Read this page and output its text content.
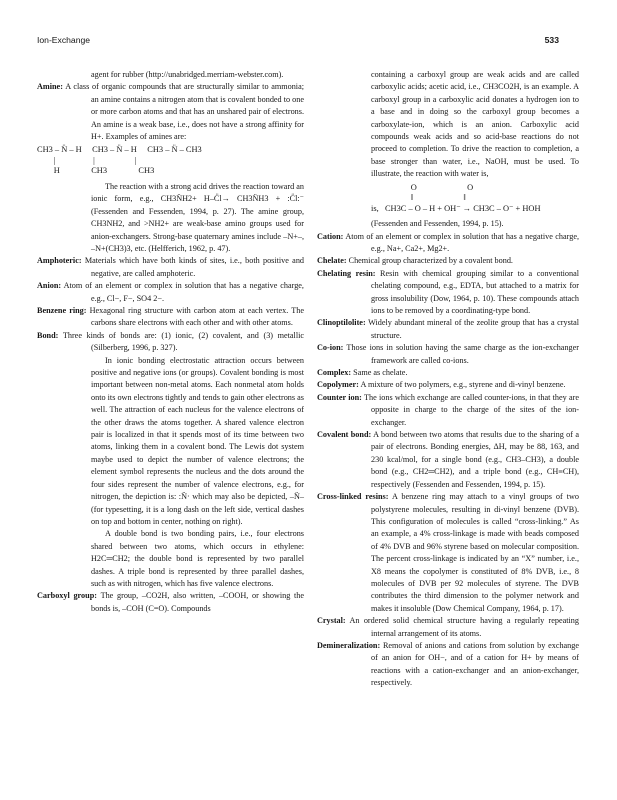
Ion-Exchange	533

agent for rubber (http://unabridged.merriam-webster.com).

Amine: A class of organic compounds that are structurally similar to ammonia; an amine contains a nitrogen atom that is covalent bonded to one or more carbon atoms and that has an unshared pair of electrons. An amine is a weak base, i.e., does not have a strong affinity for H+. Examples of amines are:

CH3 – N̈ – H     CH3 – N̈ – H     CH3 – N̈ – CH3
|                  |                   |
H               CH3               CH3

The reaction with a strong acid drives the reaction toward an ionic form, e.g., CH3N̈H2+ H–C̈l→ CH3N̈H3 + :C̈l:⁻ (Fessenden and Fessenden, 1994, p. 27). The amine group, CH3NH2, and >NH2+ are weak-base amino groups used for anion-exchangers. Strong-base quaternary amines include –N+–, –N+(CH3)3, etc. (Helfferich, 1962, p. 47).

Amphoteric: Materials which have both kinds of sites, i.e., both positive and negative, are called amphoteric.

Anion: Atom of an element or complex in solution that has a negative charge, e.g., Cl−, F−, SO4 2−.

Benzene ring: Hexagonal ring structure with carbon atom at each vertex. The carbons share electrons with each other and with other atoms.

Bond: Three kinds of bonds are: (1) ionic, (2) covalent, and (3) metallic (Silberberg, 1996, p. 327).

In ionic bonding electrostatic attraction occurs between positive and negative ions (or groups). Covalent bonding is most important between non-metal atoms. Each nonmetal atom holds onto its own electrons tightly and tends to gain other electrons as well. The attraction of each nucleus for the valence electrons of the other draws the atoms together. A shared valence electron pair is localized in that it spends most of its time between two atoms, linking them in a covalent bond. The Lewis dot system maybe used to depict the number of valence electrons; the element symbol represents the nucleus and the dots around the four sides represent the number of valence electrons, e.g., for nitrogen, the depiction is: :N̈· which may also be depicted, –N̈–(for typesetting, it is a long dash on the left side, vertical dashes on top and bottom in center, nothing on right).

A double bond is two bonding pairs, i.e., four electrons shared between two atoms, which occurs in ethylene: H2C═CH2; the double bond is represented by two parallel dashes. A triple bond is represented by three parallel dashes, such as with nitrogen, which has five valence electrons.

Carboxyl group: The group, –CO2H, also written, –COOH, or showing the bonds is, –COH (C=O). Compounds

containing a carboxyl group are weak acids and are called carboxylic acids; acetic acid, i.e., CH3CO2H, is an example. A carboxyl group in a carboxylic acid donates a hydrogen ion to a base and in doing so the carboxyl group becomes a carboxylate-ion, which is an anion. Carboxylic acid compounds weak acids and so acid-base reactions do not proceed to completion. To drive the reaction to completion, a base stronger than water, i.e., NaOH, must be used. To illustrate, the reaction with water is,

O                        O
‖                        ‖
is,   CH3C – O – H + OH⁻ → CH3C – O⁻ + HOH

(Fessenden and Fessenden, 1994, p. 15).

Cation: Atom of an element or complex in solution that has a negative charge, e.g., Na+, Ca2+, Mg2+.

Chelate: Chemical group characterized by a covalent bond.

Chelating resin: Resin with chemical grouping similar to a conventional chelating compound, e.g., EDTA, but attached to a matrix for gross insolubility (Dow, 1964, p. 10). These compounds attach ions to be removed by a coordinating-type bond.

Clinoptilolite: Widely abundant mineral of the zeolite group that has a crystal structure.

Co-ion: Those ions in solution having the same charge as the ion-exchanger framework are called co-ions.

Complex: Same as chelate.

Copolymer: A mixture of two polymers, e.g., styrene and di-vinyl benzene.

Counter ion: The ions which exchange are called counter-ions, in that they are opposite in charge to the charge of the sites of the ion-exchanger.

Covalent bond: A bond between two atoms that results due to the sharing of a pair of electrons. Bonding energies, ΔH, may be 88, 163, and 230 kcal/mol, for a single bond (e.g., CH3–CH3), a double bond (e.g., CH2═CH2), and a triple bond (e.g., CH≡CH), respectively (Fessenden and Fessenden, 1994, p. 15).

Cross-linked resins: A benzene ring may attach to a vinyl groups of two polystyrene molecules, resulting in di-vinyl benzene (DVB). This configuration of molecules is called “cross-linking.” As an example, a 4% cross-linkage is made with beads composed of 4% DVB and 96% styrene based on molecular composition. The percent cross-linkage is indicated by an “X” number, i.e., X8 means the copolymer is constituted of 8% DVB, i.e., 8 molecules of DVB per 92 molecules of styrene. The DVB contributes the third dimension to the polymer network and makes it insoluble (Dow Chemical Company, 1964, p. 17).

Crystal: An ordered solid chemical structure having a regularly repeating internal arrangement of its atoms.

Demineralization: Removal of anions and cations from solution by exchange of an anion for OH−, and of a cation for H+ by means of reactions with a cation-exchanger and an anion-exchanger, respectively.
